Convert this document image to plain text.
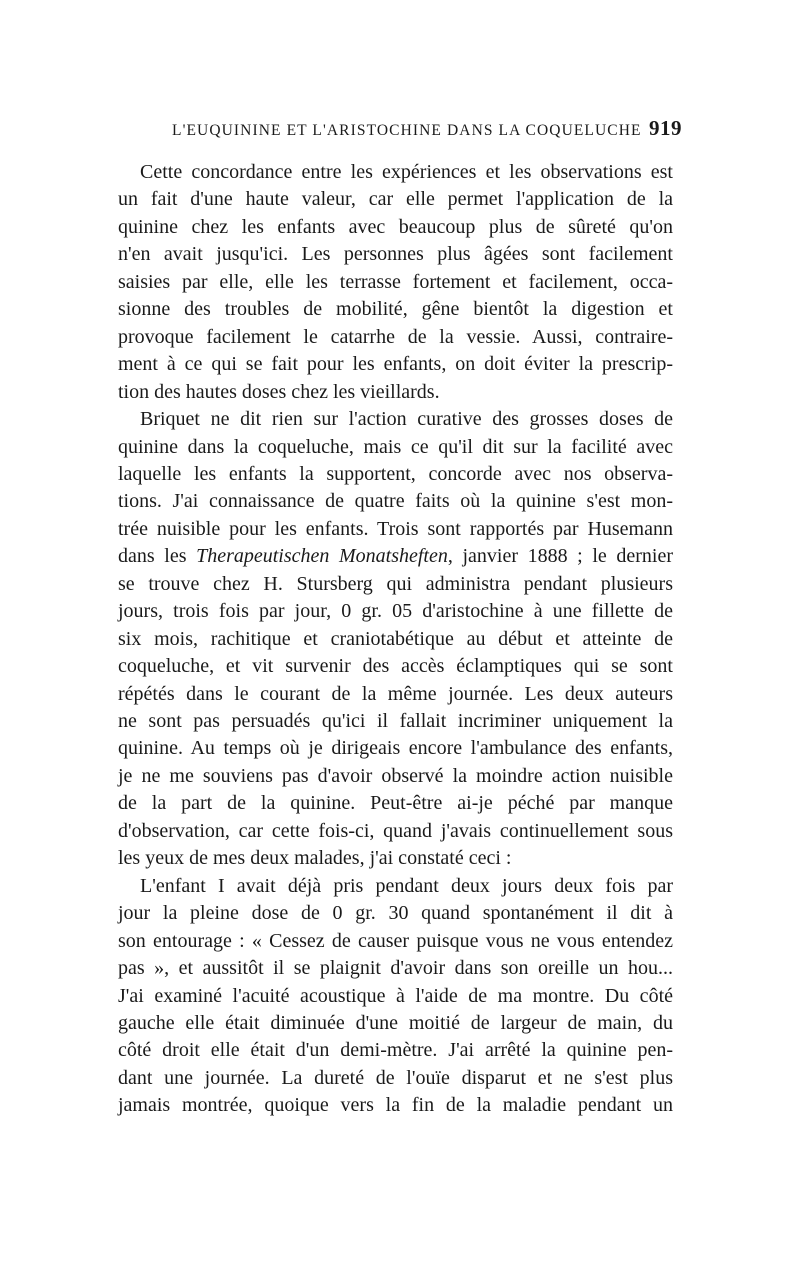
L'EUQUININE ET L'ARISTOCHINE DANS LA COQUELUCHE 919
Cette concordance entre les expériences et les observations est
un fait d'une haute valeur, car elle permet l'application de la
quinine chez les enfants avec beaucoup plus de sûreté qu'on
n'en avait jusqu'ici. Les personnes plus âgées sont facilement
saisies par elle, elle les terrasse fortement et facilement, occa-
sionne des troubles de mobilité, gêne bientôt la digestion et
provoque facilement le catarrhe de la vessie. Aussi, contraire-
ment à ce qui se fait pour les enfants, on doit éviter la prescrip-
tion des hautes doses chez les vieillards.
Briquet ne dit rien sur l'action curative des grosses doses de
quinine dans la coqueluche, mais ce qu'il dit sur la facilité avec
laquelle les enfants la supportent, concorde avec nos observa-
tions. J'ai connaissance de quatre faits où la quinine s'est mon-
trée nuisible pour les enfants. Trois sont rapportés par Husemann
dans les Therapeutischen Monatsheften, janvier 1888 ; le dernier
se trouve chez H. Stursberg qui administra pendant plusieurs
jours, trois fois par jour, 0 gr. 05 d'aristochine à une fillette de
six mois, rachitique et craniotabétique au début et atteinte de
coqueluche, et vit survenir des accès éclamptiques qui se sont
répétés dans le courant de la même journée. Les deux auteurs
ne sont pas persuadés qu'ici il fallait incriminer uniquement la
quinine. Au temps où je dirigeais encore l'ambulance des enfants,
je ne me souviens pas d'avoir observé la moindre action nuisible
de la part de la quinine. Peut-être ai-je péché par manque
d'observation, car cette fois-ci, quand j'avais continuellement sous
les yeux de mes deux malades, j'ai constaté ceci :
L'enfant I avait déjà pris pendant deux jours deux fois par
jour la pleine dose de 0 gr. 30 quand spontanément il dit à
son entourage : « Cessez de causer puisque vous ne vous entendez
pas », et aussitôt il se plaignit d'avoir dans son oreille un hou...
J'ai examiné l'acuité acoustique à l'aide de ma montre. Du côté
gauche elle était diminuée d'une moitié de largeur de main, du
côté droit elle était d'un demi-mètre. J'ai arrêté la quinine pen-
dant une journée. La dureté de l'ouïe disparut et ne s'est plus
jamais montrée, quoique vers la fin de la maladie pendant un
